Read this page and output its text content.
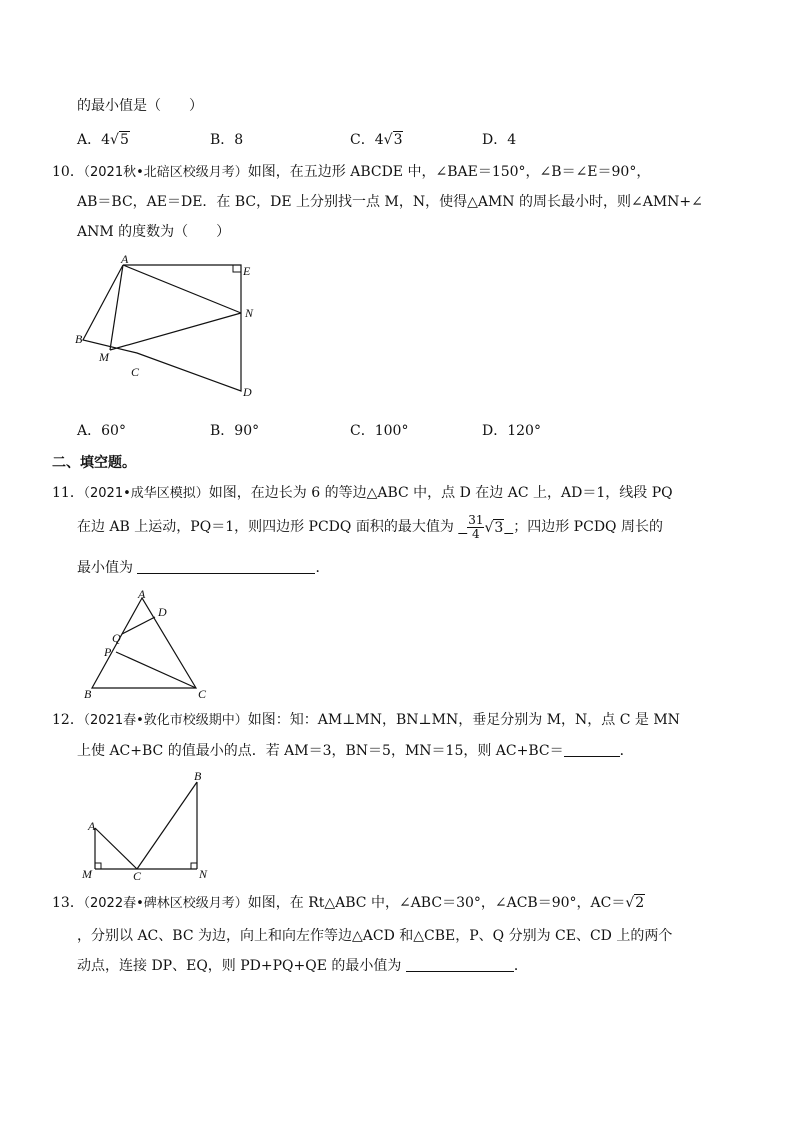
的最小值是（　　）
A．4√5	B．8	C．4√3	D．4
10．
（2021秋•北碚区校级月考）如图，在五边形 ABCDE 中，∠BAE＝150°，∠B＝∠E＝90°，
AB＝BC，AE＝DE．在 BC，DE 上分别找一点 M，N，使得△AMN 的周长最小时，则∠AMN+∠
ANM 的度数为（　　）
A
B
C
D
E
M
N
A．60°	B．90°	C．100°	D．120°
二、填空题。
11．
（2021•成华区模拟）如图，在边长为 6 的等边△ABC 中，点 D 在边 AC 上，AD＝1，线段 PQ
在边 AB 上运动，PQ＝1，则四边形 PCDQ 面积的最大值为 $\frac{31}{4} √3$ ；四边形 PCDQ 周长的
最小值为	．
A
B	C
D
P
Q
12．
（2021春•敦化市校级期中）如图：知：AM⊥MN，BN⊥MN，垂足分别为 M，N，点 C 是 MN
上使 AC+BC 的值最小的点．若 AM＝3，BN＝5，MN＝15，则 AC+BC＝	．
A
B
C
M	N
13．
（2022春•碑林区校级月考）如图，在 Rt△ABC 中，∠ABC＝30°，∠ACB＝90°，AC＝√2
，分别以 AC、BC 为边，向上和向左作等边△ACD 和△CBE，P、Q 分别为 CE、CD 上的两个
动点，连接 DP、EQ，则 PD+PQ+QE 的最小值为	．
